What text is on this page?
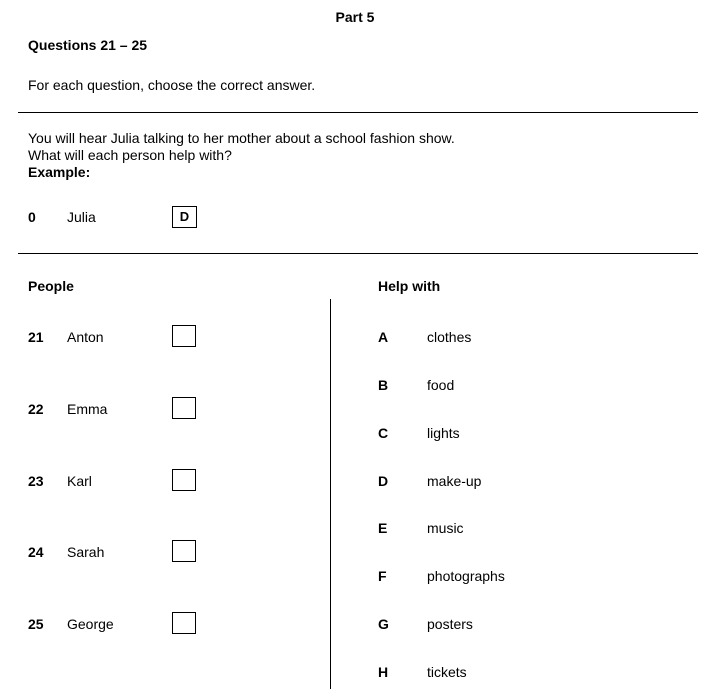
Part 5
Questions 21 – 25
For each question, choose the correct answer.
You will hear Julia talking to her mother about a school fashion show.
What will each person help with?
Example:
0 Julia	D
People	Help with
21 Anton
22 Emma
23 Karl
24 Sarah
25 George
A	clothes
B	food
C	lights
D	make-up
E	music
F	photographs
G	posters
H	tickets
